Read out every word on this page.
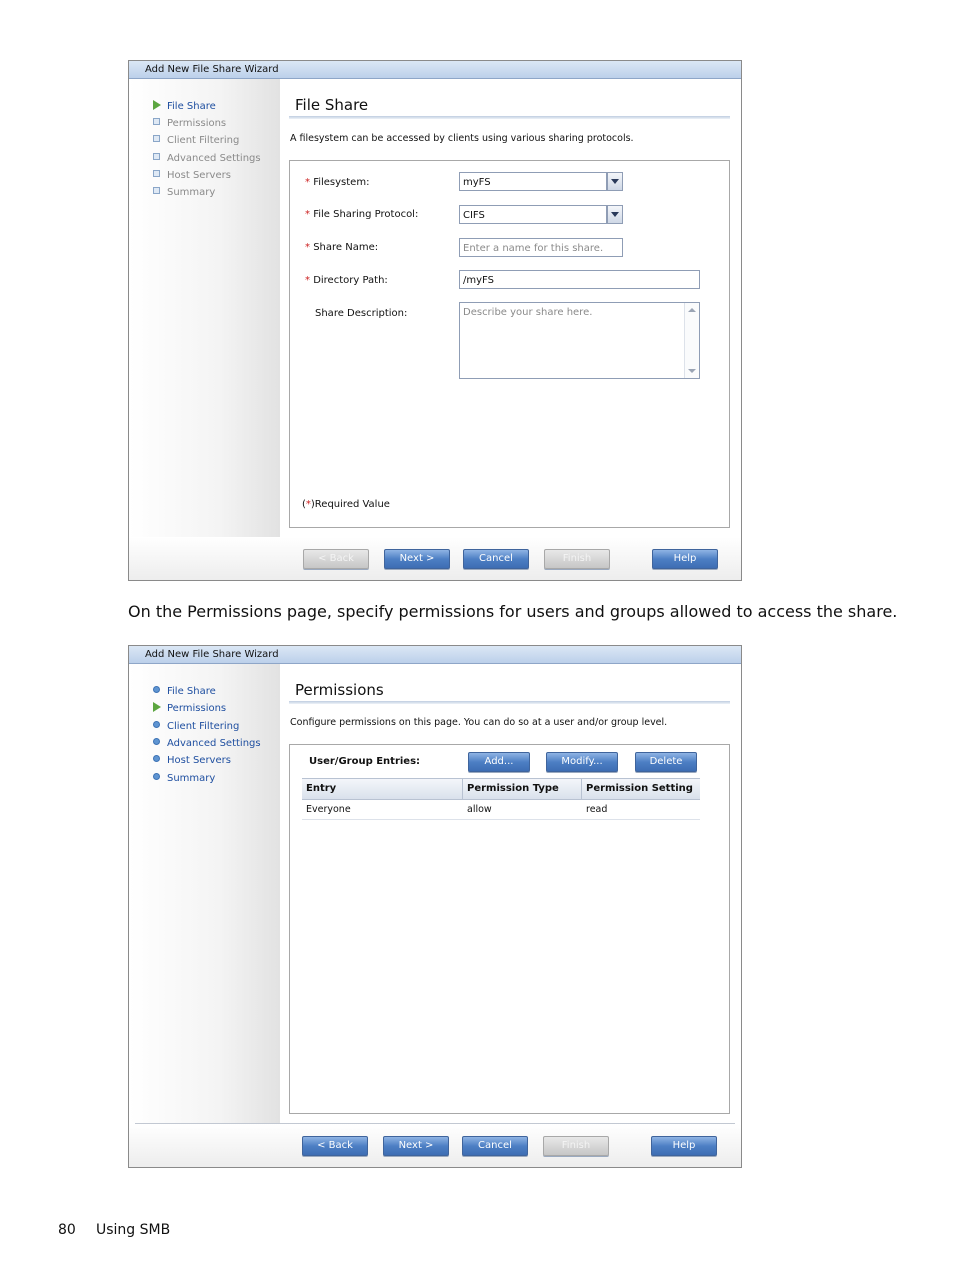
Add New File Share Wizard
File Share
Permissions
Client Filtering
Advanced Settings
Host Servers
Summary
File Share
A filesystem can be accessed by clients using various sharing protocols.
* Filesystem:	myFS
* File Sharing Protocol:	CIFS
* Share Name:	Enter a name for this share.
* Directory Path:	/myFS
Share Description:	Describe your share here.
(*)Required Value
< Back	Next >	Cancel	Finish	Help
On the Permissions page, specify permissions for users and groups allowed to access the share.
Add New File Share Wizard
File Share
Permissions
Client Filtering
Advanced Settings
Host Servers
Summary
Permissions
Configure permissions on this page. You can do so at a user and/or group level.
User/Group Entries:	Add...	Modify...	Delete
Entry	Permission Type	Permission Setting
Everyone	allow	read
< Back	Next >	Cancel	Finish	Help
80 Using SMB
